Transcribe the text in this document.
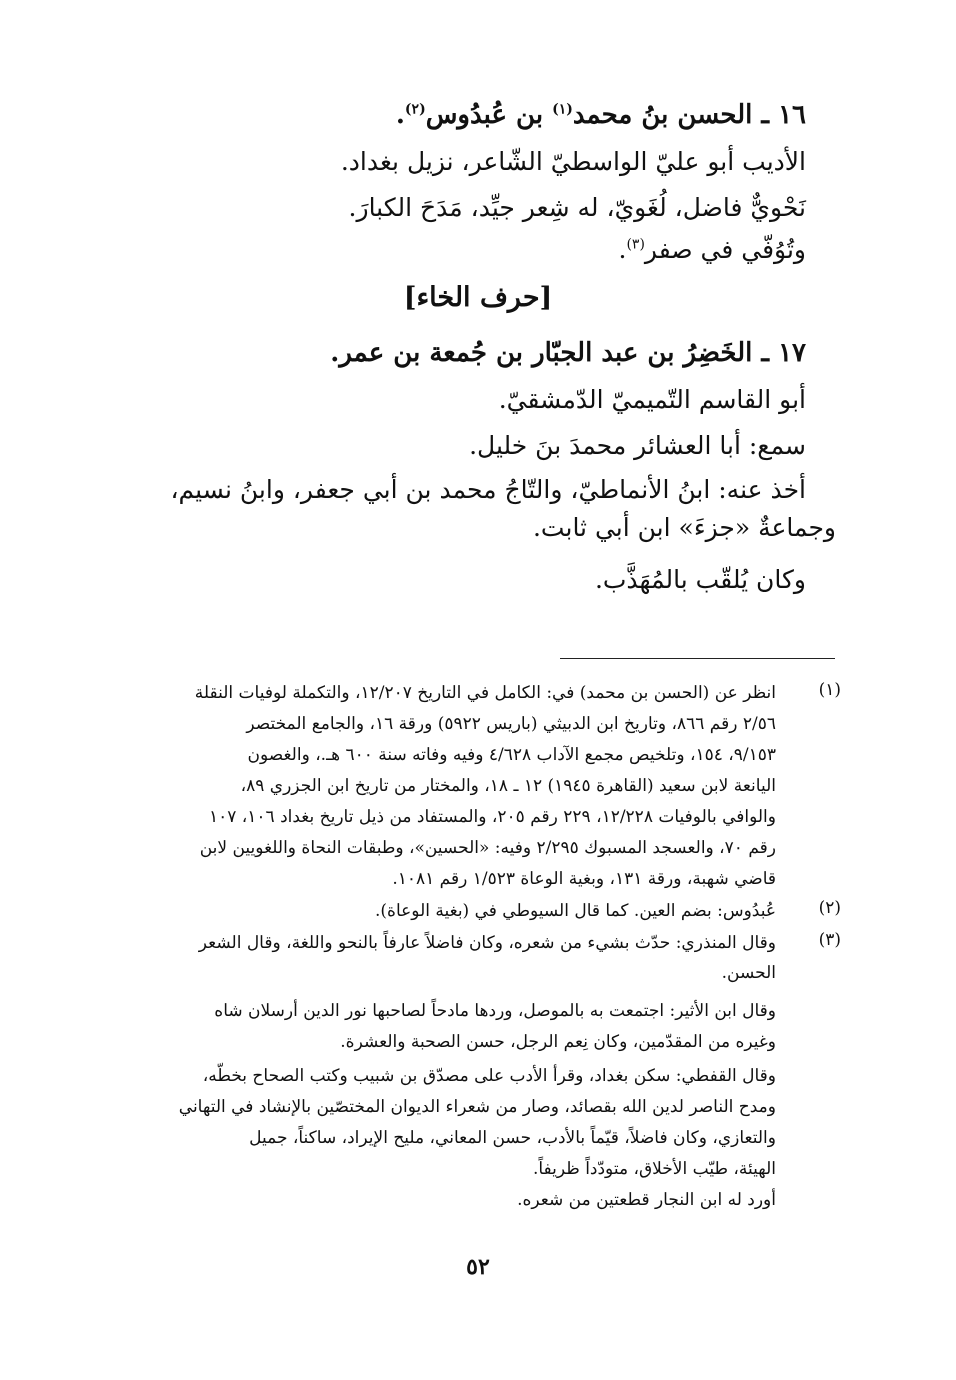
١٦ ـ الحسن بنُ محمد$^{(١)}$ بن عُبدُوس$^{(٢)}$.
الأديب أبو عليّ الواسطيّ الشّاعر، نزيل بغداد.
نَحْويٌّ فاضل، لُغَويّ، له شِعر جيِّد، مَدَحَ الكبارَ.
وتُوُفّي في صفر$^{(٣)}$.
[حرف الخاء]
١٧ ـ الخَضِرُ بن عبد الجبّار بن جُمعة بن عمر.
أبو القاسم التّميميّ الدّمشقيّ.
سمع: أبا العشائر محمدَ بنَ خليل.
أخذ عنه: ابنُ الأنماطيّ، والتّاجُ محمد بن أبي جعفر، وابنُ نسيم،
وجماعةٌ «جزءَ» ابن أبي ثابت.
وكان يُلقّب بالمُهَذَّب.
(١)
انظر عن (الحسن بن محمد) في: الكامل في التاريخ ١٢/٢٠٧، والتكملة لوفيات النقلة
٢/٥٦ رقم ٨٦٦، وتاريخ ابن الدبيثي (باريس ٥٩٢٢) ورقة ١٦، والجامع المختصر
٩/١٥٣، ١٥٤، وتلخيص مجمع الآداب ٤/٦٢٨ وفيه وفاته سنة ٦٠٠ هـ.، والغصون
اليانعة لابن سعيد (القاهرة ١٩٤٥) ١٢ ـ ١٨، والمختار من تاريخ ابن الجزري ٨٩،
والوافي بالوفيات ١٢/٢٢٨، ٢٢٩ رقم ٢٠٥، والمستفاد من ذيل تاريخ بغداد ١٠٦، ١٠٧
رقم ٧٠، والعسجد المسبوك ٢/٢٩٥ وفيه: «الحسين»، وطبقات النحاة واللغويين لابن
قاضي شهبة، ورقة ١٣١، وبغية الوعاة ١/٥٢٣ رقم ١٠٨١.
(٢)
عُبدُوس: بضم العين. كما قال السيوطي في (بغية الوعاة).
(٣)
وقال المنذري: حدّث بشيء من شعره، وكان فاضلاً عارفاً بالنحو واللغة، وقال الشعر
الحسن.
وقال ابن الأثير: اجتمعت به بالموصل، وردها مادحاً لصاحبها نور الدين أرسلان شاه
وغيره من المقدّمين، وكان نِعم الرجل، حسن الصحبة والعشرة.
وقال القفطي: سكن بغداد، وقرأ الأدب على مصدّق بن شبيب وكتب الصحاح بخطّه،
ومدح الناصر لدين الله بقصائد، وصار من شعراء الديوان المختصّين بالإنشاد في التهاني
والتعازي، وكان فاضلاً، قيّماً بالأدب، حسن المعاني، مليح الإيراد، ساكناً، جميل
الهيئة، طيّب الأخلاق، متودّداً ظريفاً.
أورد له ابن النجار قطعتين من شعره.
٥٢
